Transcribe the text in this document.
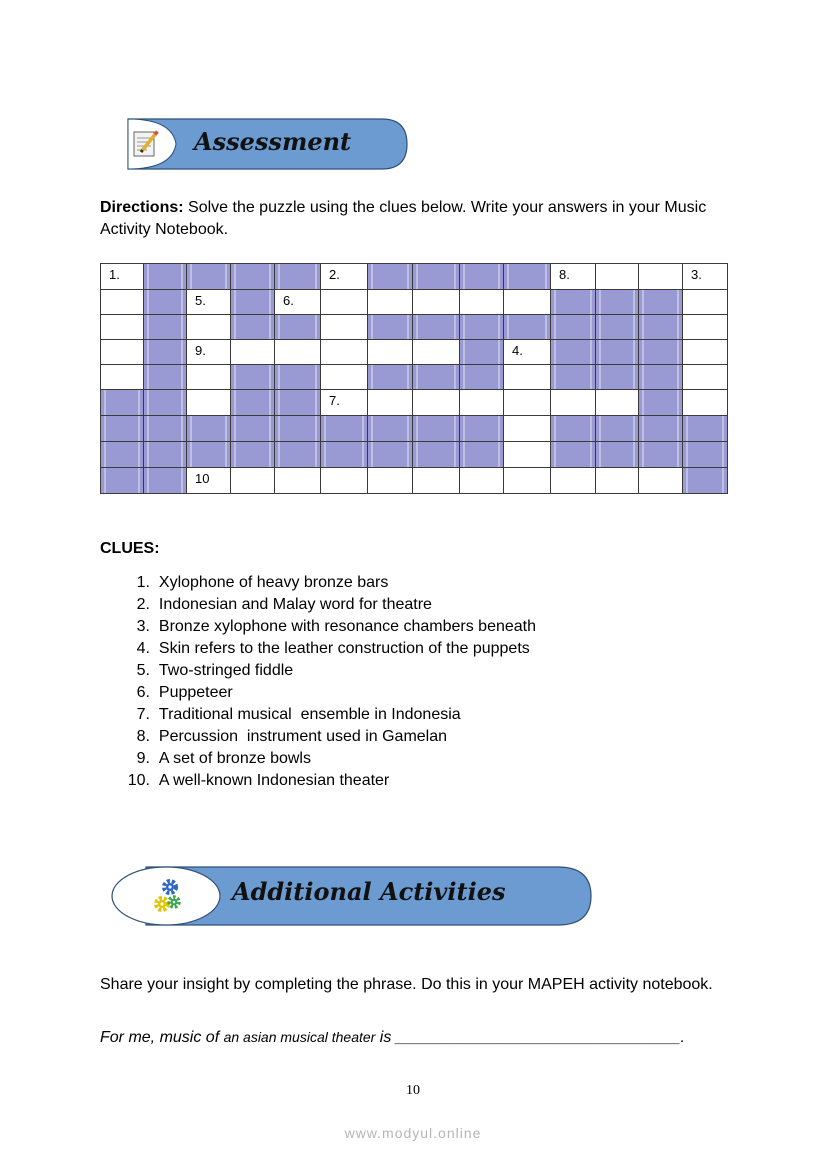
Assessment
Directions: Solve the puzzle using the clues below. Write your answers in your Music Activity Notebook.
1.					2.					8.			3.

		5.		6.									

		9.							4.				

					7.								

		10											

CLUES:
1. Xylophone of heavy bronze bars
2. Indonesian and Malay word for theatre
3. Bronze xylophone with resonance chambers beneath
4. Skin refers to the leather construction of the puppets
5. Two-stringed fiddle
6. Puppeteer
7. Traditional musical  ensemble in Indonesia
8. Percussion  instrument used in Gamelan
9. A set of bronze bowls
10. A well-known Indonesian theater
Additional Activities
Share your insight by completing the phrase. Do this in your MAPEH activity notebook.
For me, music of an asian musical theater is ________________________________.
10
www.modyul.online
